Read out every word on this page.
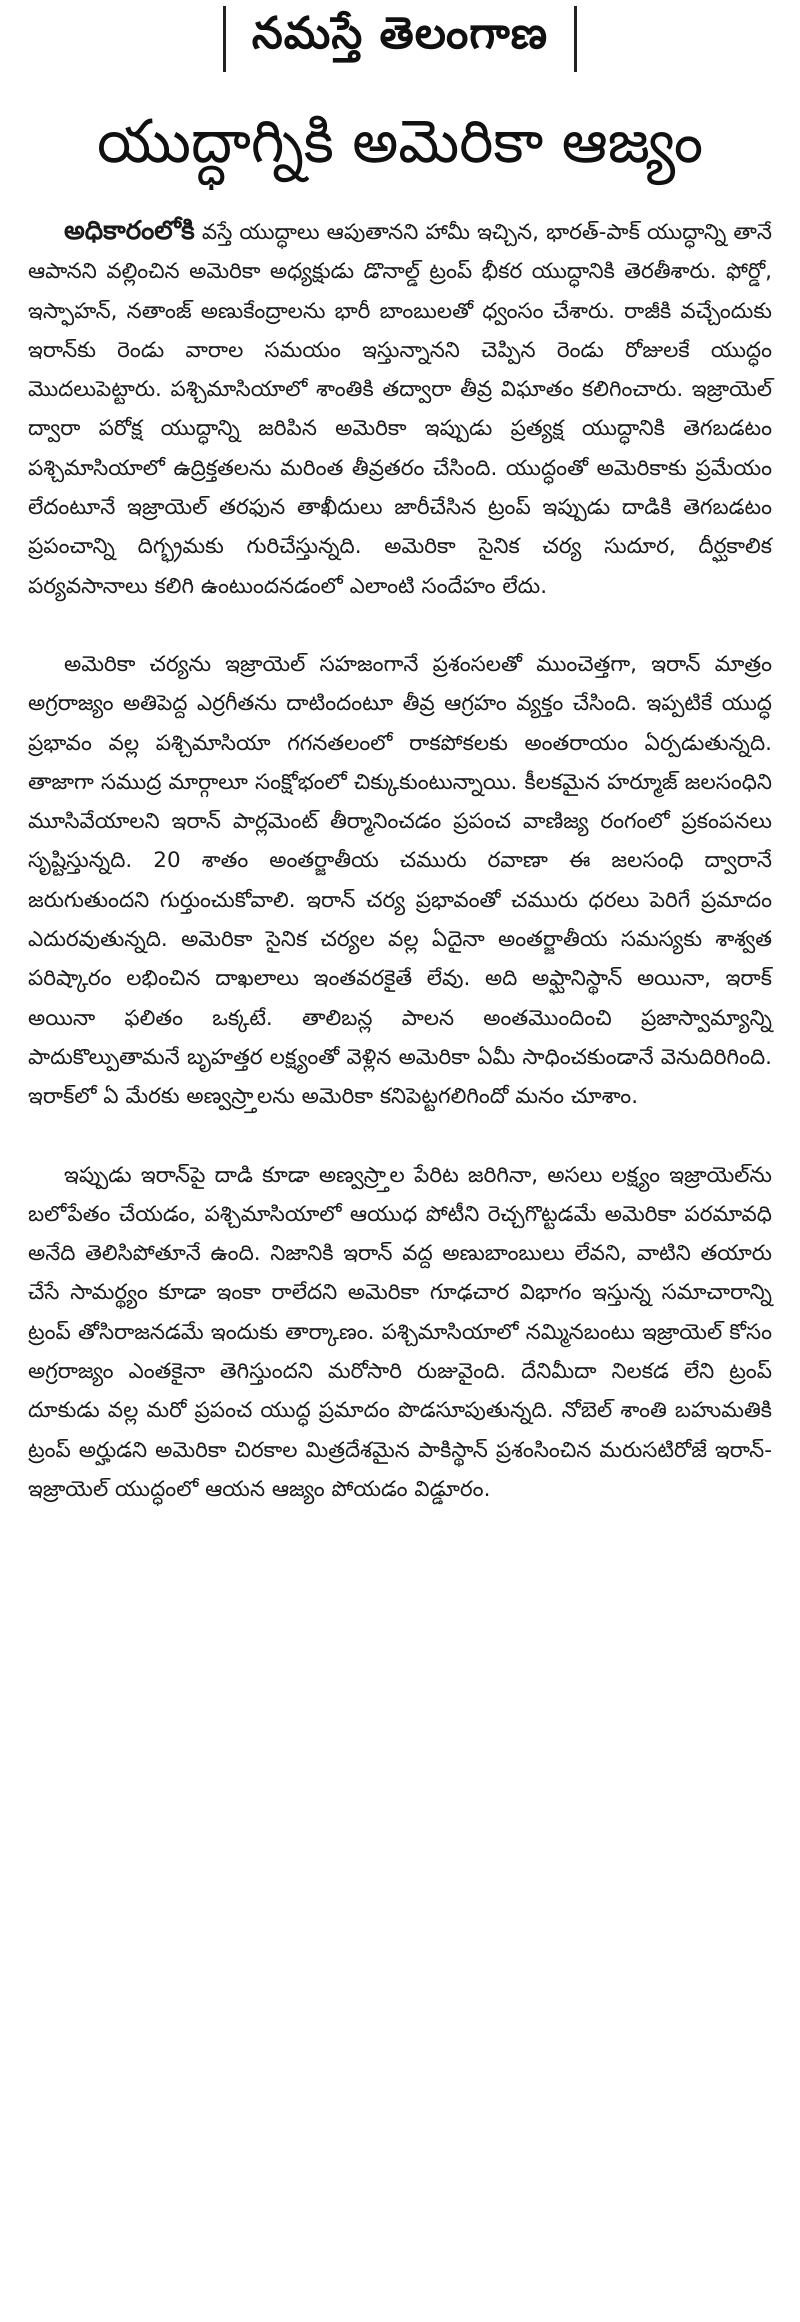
నమస్తే తెలంగాణ
యుద్ధాగ్నికి అమెరికా ఆజ్యం

అధికారంలోకి వస్తే యుద్ధాలు ఆపుతానని హామీ ఇచ్చిన, భారత్-పాక్ యుద్ధాన్ని తానే ఆపానని వల్లించిన అమెరికా అధ్యక్షుడు డొనాల్డ్ ట్రంప్ భీకర యుద్ధానికి తెరతీశారు. ఫోర్డో, ఇస్ఫాహన్, నతాంజ్ అణుకేంద్రాలను భారీ బాంబులతో ధ్వంసం చేశారు. రాజీకి వచ్చేందుకు ఇరాన్‌కు రెండు వారాల సమయం ఇస్తున్నానని చెప్పిన రెండు రోజులకే యుద్ధం మొదలుపెట్టారు. పశ్చిమాసియాలో శాంతికి తద్వారా తీవ్ర విఘాతం కలిగించారు. ఇజ్రాయెల్ ద్వారా పరోక్ష యుద్ధాన్ని జరిపిన అమెరికా ఇప్పుడు ప్రత్యక్ష యుద్ధానికి తెగబడటం పశ్చిమాసియాలో ఉద్రిక్తతలను మరింత తీవ్రతరం చేసింది. యుద్ధంతో అమెరికాకు ప్రమేయం లేదంటూనే ఇజ్రాయెల్ తరఫున తాఖీదులు జారీచేసిన ట్రంప్ ఇప్పుడు దాడికి తెగబడటం ప్రపంచాన్ని దిగ్భ్రమకు గురిచేస్తున్నది. అమెరికా సైనిక చర్య సుదూర, దీర్ఘకాలిక పర్యవసానాలు కలిగి ఉంటుందనడంలో ఎలాంటి సందేహం లేదు.

అమెరికా చర్యను ఇజ్రాయెల్ సహజంగానే ప్రశంసలతో ముంచెత్తగా, ఇరాన్ మాత్రం అగ్రరాజ్యం అతిపెద్ద ఎర్రగీతను దాటిందంటూ తీవ్ర ఆగ్రహం వ్యక్తం చేసింది. ఇప్పటికే యుద్ధ ప్రభావం వల్ల పశ్చిమాసియా గగనతలంలో రాకపోకలకు అంతరాయం ఏర్పడుతున్నది. తాజాగా సముద్ర మార్గాలూ సంక్షోభంలో చిక్కుకుంటున్నాయి. కీలకమైన హర్మూజ్ జలసంధిని మూసివేయాలని ఇరాన్ పార్లమెంట్ తీర్మానించడం ప్రపంచ వాణిజ్య రంగంలో ప్రకంపనలు సృష్టిస్తున్నది. 20 శాతం అంతర్జాతీయ చమురు రవాణా ఈ జలసంధి ద్వారానే జరుగుతుందని గుర్తుంచుకోవాలి. ఇరాన్ చర్య ప్రభావంతో చమురు ధరలు పెరిగే ప్రమాదం ఎదురవుతున్నది. అమెరికా సైనిక చర్యల వల్ల ఏదైనా అంతర్జాతీయ సమస్యకు శాశ్వత పరిష్కారం లభించిన దాఖలాలు ఇంతవరకైతే లేవు. అది అఫ్ఘానిస్థాన్ అయినా, ఇరాక్ అయినా ఫలితం ఒక్కటే. తాలిబన్ల పాలన అంతమొందించి ప్రజాస్వామ్యాన్ని పాదుకొల్పుతామనే బృహత్తర లక్ష్యంతో వెళ్లిన అమెరికా ఏమీ సాధించకుండానే వెనుదిరిగింది. ఇరాక్‌లో ఏ మేరకు అణ్వస్ర్తాలను అమెరికా కనిపెట్టగలిగిందో మనం చూశాం.

ఇప్పుడు ఇరాన్‌పై దాడి కూడా అణ్వస్ర్తాల పేరిట జరిగినా, అసలు లక్ష్యం ఇజ్రాయెల్‌ను బలోపేతం చేయడం, పశ్చిమాసియాలో ఆయుధ పోటీని రెచ్చగొట్టడమే అమెరికా పరమావధి అనేది తెలిసిపోతూనే ఉంది. నిజానికి ఇరాన్ వద్ద అణుబాంబులు లేవని, వాటిని తయారు చేసే సామర్థ్యం కూడా ఇంకా రాలేదని అమెరికా గూఢచార విభాగం ఇస్తున్న సమాచారాన్ని ట్రంప్ తోసిరాజనడమే ఇందుకు తార్కాణం. పశ్చిమాసియాలో నమ్మినబంటు ఇజ్రాయెల్ కోసం అగ్రరాజ్యం ఎంతకైనా తెగిస్తుందని మరోసారి రుజువైంది. దేనిమీదా నిలకడ లేని ట్రంప్ దూకుడు వల్ల మరో ప్రపంచ యుద్ధ ప్రమాదం పొడసూపుతున్నది. నోబెల్ శాంతి బహుమతికి ట్రంప్ అర్హుడని అమెరికా చిరకాల మిత్రదేశమైన పాకిస్థాన్ ప్రశంసించిన మరుసటిరోజే ఇరాన్-ఇజ్రాయెల్ యుద్ధంలో ఆయన ఆజ్యం పోయడం విడ్డూరం.
